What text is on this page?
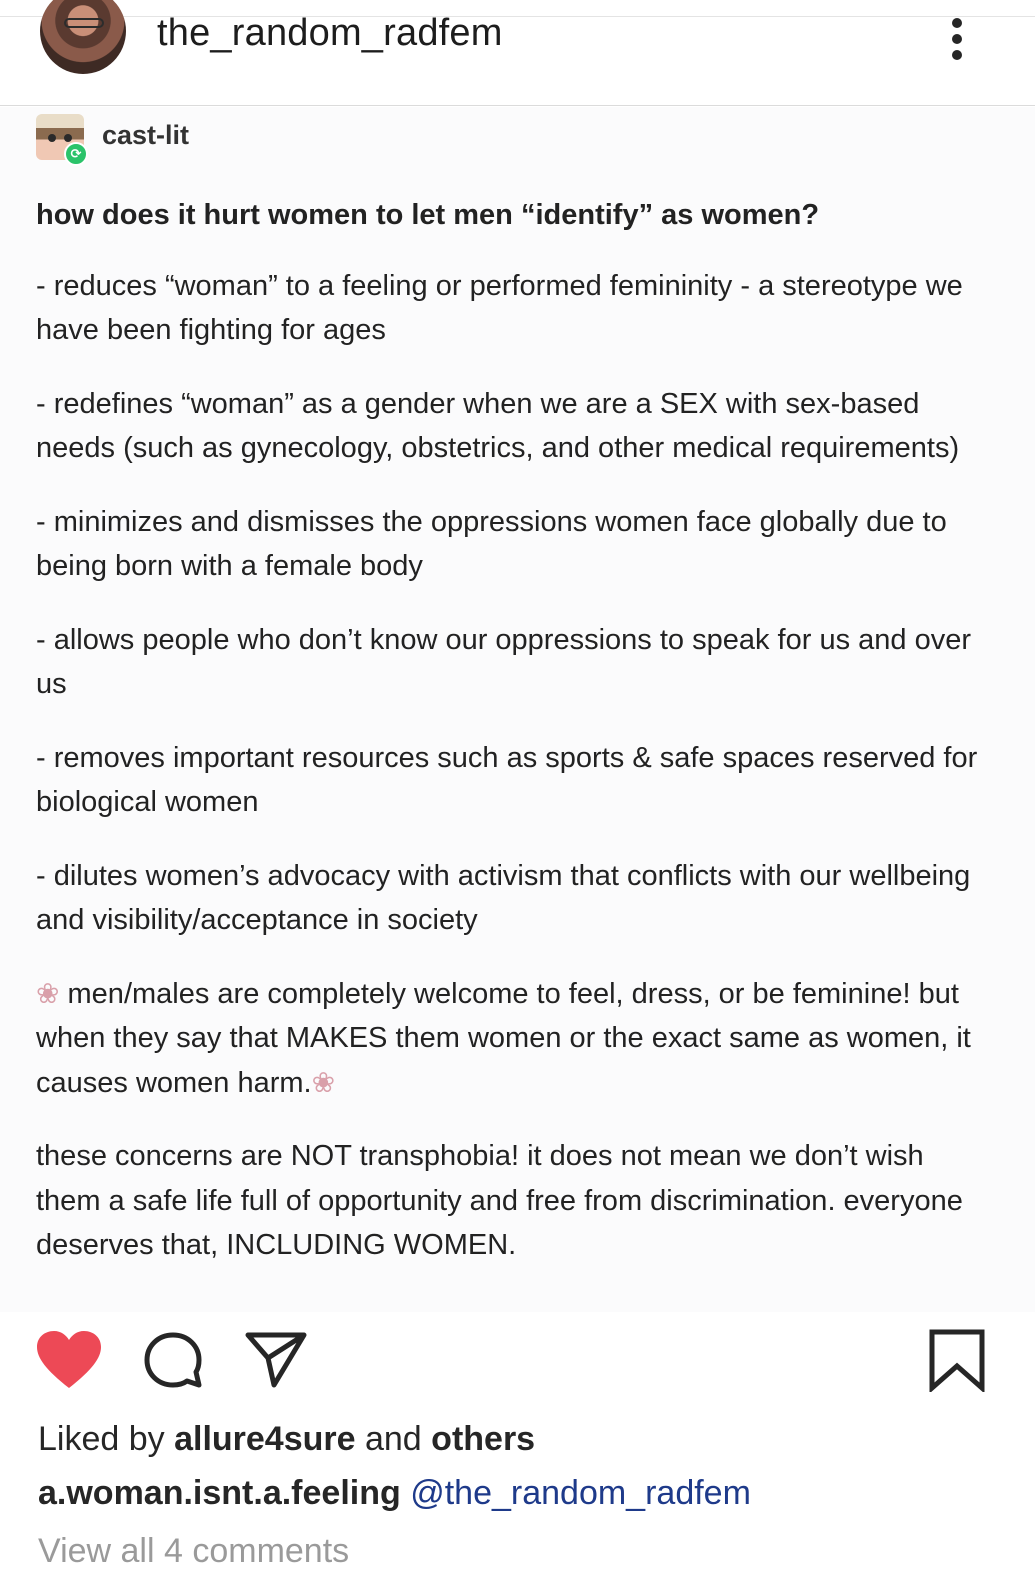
the_random_radfem
⟳
cast-lit
how does it hurt women to let men “identify” as women?

- reduces “woman” to a feeling or performed femininity - a stereotype we have been fighting for ages

- redefines “woman” as a gender when we are a SEX with sex-based needs (such as gynecology, obstetrics, and other medical requirements)

- minimizes and dismisses the oppressions women face globally due to being born with a female body

- allows people who don’t know our oppressions to speak for us and over us

- removes important resources such as sports & safe spaces reserved for biological women

- dilutes women’s advocacy with activism that conflicts with our wellbeing and visibility/acceptance in society

❀ men/males are completely welcome to feel, dress, or be feminine! but when they say that MAKES them women or the exact same as women, it causes women harm.❀

these concerns are NOT transphobia! it does not mean we don’t wish them a safe life full of opportunity and free from discrimination. everyone deserves that, INCLUDING WOMEN.

Liked by allure4sure and others
a.woman.isnt.a.feeling @the_random_radfem
View all 4 comments
